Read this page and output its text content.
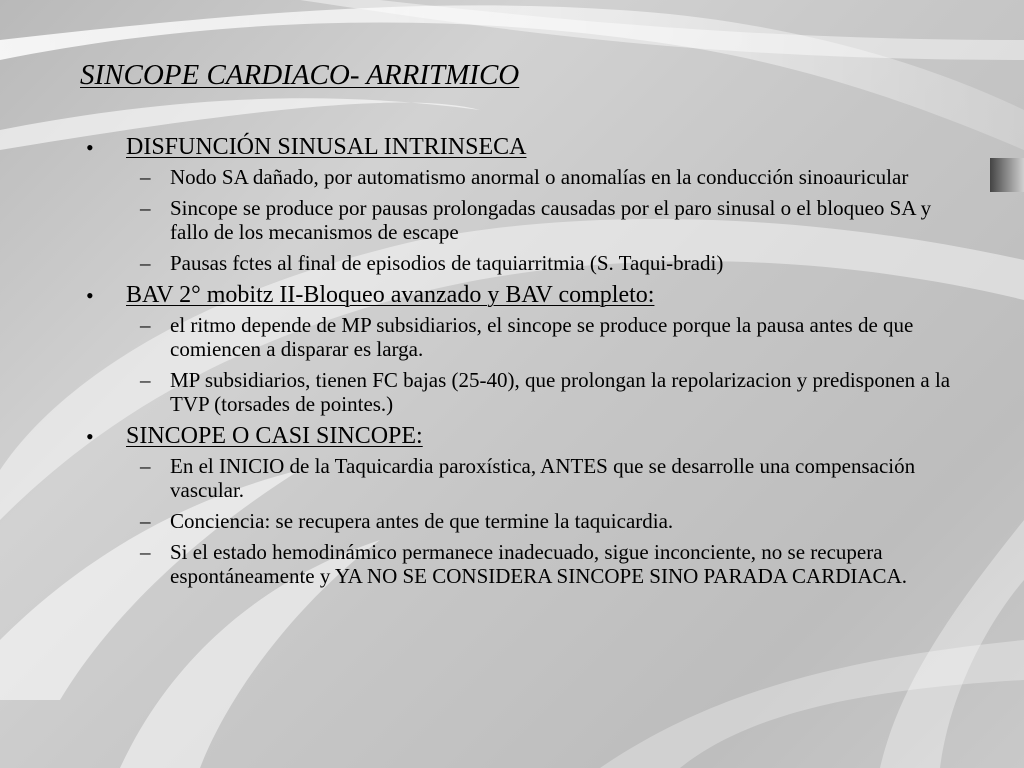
SINCOPE CARDIACO- ARRITMICO
• DISFUNCIÓN SINUSAL INTRINSECA
– Nodo SA dañado, por automatismo anormal o anomalías en la conducción sinoauricular
– Sincope se produce por pausas prolongadas causadas por el paro sinusal o el bloqueo SA y fallo de los mecanismos de escape
– Pausas fctes al final de episodios de taquiarritmia (S. Taqui-bradi)
• BAV 2° mobitz II-Bloqueo avanzado y BAV completo:
– el ritmo depende de MP subsidiarios, el sincope se produce porque la pausa antes de que comiencen a disparar es larga.
– MP subsidiarios, tienen FC bajas (25-40), que prolongan la repolarizacion y predisponen a la TVP (torsades de pointes.)
• SINCOPE O CASI SINCOPE:
– En el INICIO de la Taquicardia paroxística, ANTES que se desarrolle una compensación vascular.
– Conciencia: se recupera antes de que termine la taquicardia.
– Si el estado hemodinámico permanece inadecuado, sigue inconciente, no se recupera espontáneamente y YA NO SE CONSIDERA SINCOPE SINO PARADA CARDIACA.
